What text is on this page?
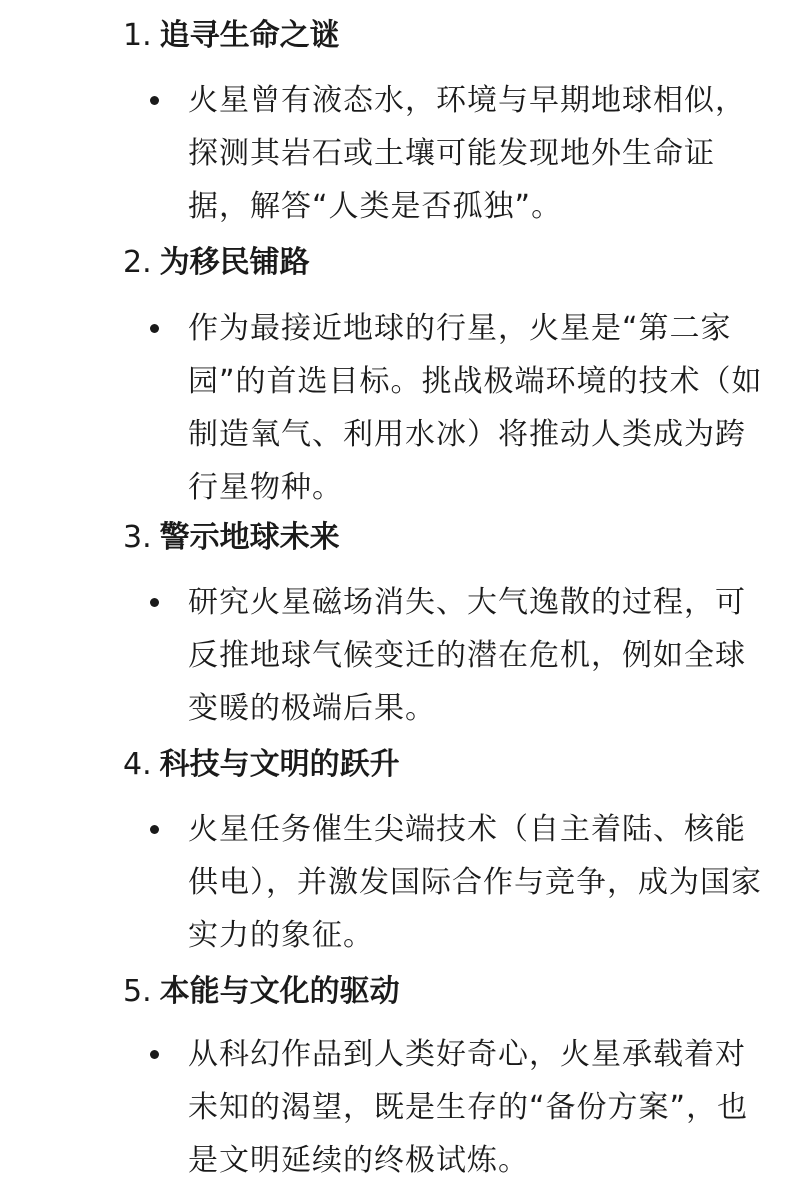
1. 追寻生命之谜
火星曾有液态水，环境与早期地球相似，探测其岩石或土壤可能发现地外生命证据，解答“人类是否孤独”。
2. 为移民铺路
作为最接近地球的行星，火星是“第二家园”的首选目标。挑战极端环境的技术（如制造氧气、利用水冰）将推动人类成为跨行星物种。
3. 警示地球未来
研究火星磁场消失、大气逸散的过程，可反推地球气候变迁的潜在危机，例如全球变暖的极端后果。
4. 科技与文明的跃升
火星任务催生尖端技术（自主着陆、核能供电），并激发国际合作与竞争，成为国家实力的象征。
5. 本能与文化的驱动
从科幻作品到人类好奇心，火星承载着对未知的渴望，既是生存的“备份方案”，也是文明延续的终极试炼。
